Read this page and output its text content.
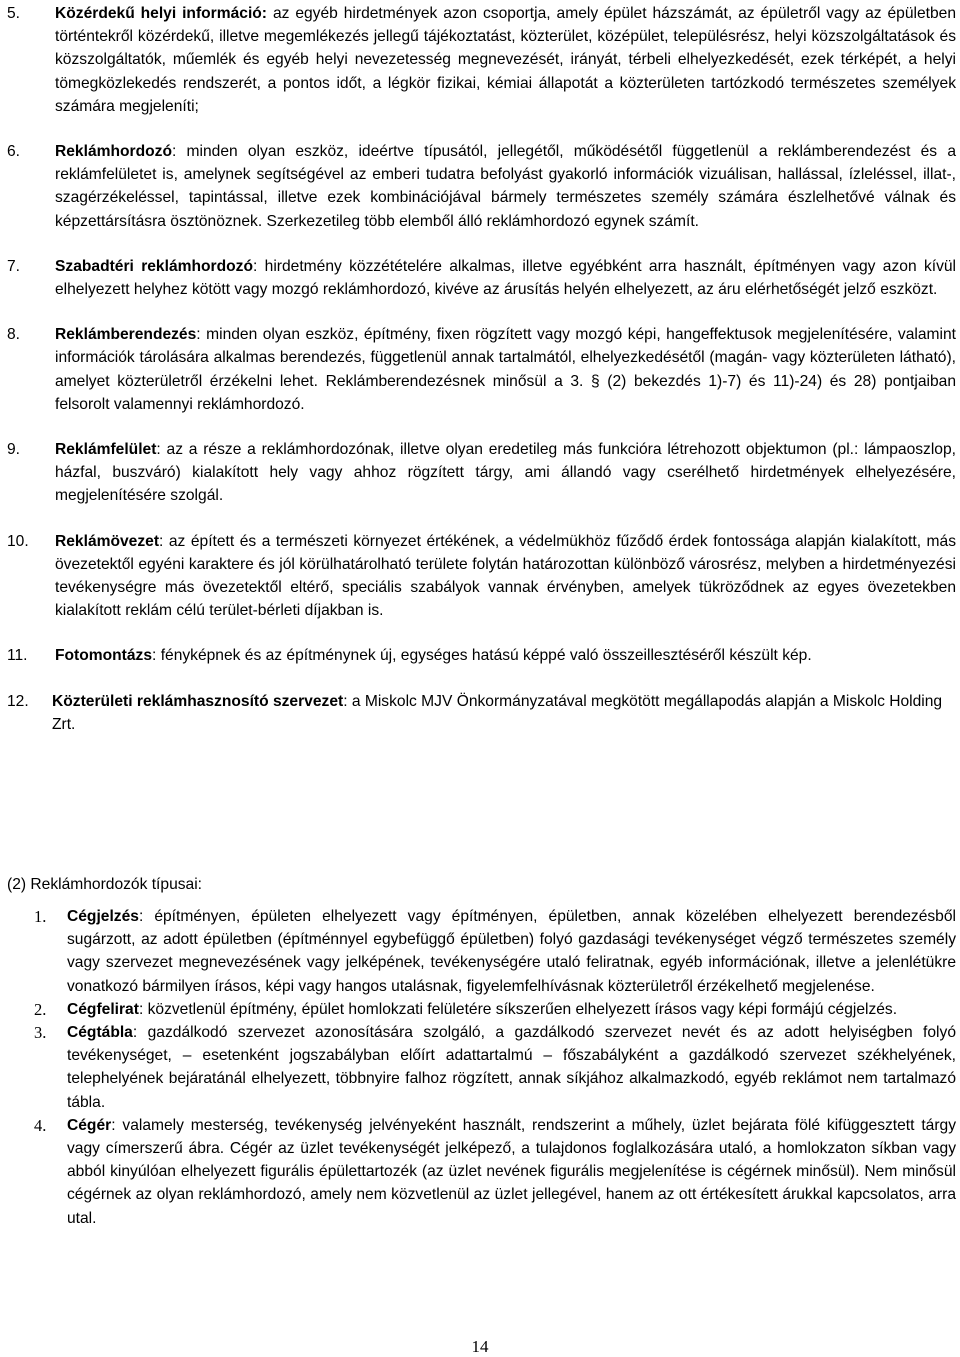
5.	Közérdekű helyi információ: az egyéb hirdetmények azon csoportja, amely épület házszámát, az épületről vagy az épületben történtekről közérdekű, illetve megemlékezés jellegű tájékoztatást, közterület, középület, településrész, helyi közszolgáltatások és közszolgáltatók, műemlék és egyéb helyi nevezetesség megnevezését, irányát, térbeli elhelyezkedését, ezek térképét, a helyi tömegközlekedés rendszerét, a pontos időt, a légkör fizikai, kémiai állapotát a közterületen tartózkodó természetes személyek számára megjeleníti;
6.	Reklámhordozó: minden olyan eszköz, ideértve típusától, jellegétől, működésétől függetlenül a reklámberendezést és a reklámfelületet is, amelynek segítségével az emberi tudatra befolyást gyakorló információk vizuálisan, hallással, ízleléssel, illat-, szagérzékeléssel, tapintással, illetve ezek kombinációjával bármely természetes személy számára észlelhetővé válnak és képzettársításra ösztönöznek. Szerkezetileg több elemből álló reklámhordozó egynek számít.
7.	Szabadtéri reklámhordozó: hirdetmény közzétételére alkalmas, illetve egyébként arra használt, építményen vagy azon kívül elhelyezett helyhez kötött vagy mozgó reklámhordozó, kivéve az árusítás helyén elhelyezett, az áru elérhetőségét jelző eszközt.
8.	Reklámberendezés: minden olyan eszköz, építmény, fixen rögzített vagy mozgó képi, hangeffektusok megjelenítésére, valamint információk tárolására alkalmas berendezés, függetlenül annak tartalmától, elhelyezkedésétől (magán- vagy közterületen látható), amelyet közterületről érzékelni lehet. Reklámberendezésnek minősül a 3. § (2) bekezdés 1)-7) és 11)-24) és 28) pontjaiban felsorolt valamennyi reklámhordozó.
9.	Reklámfelület: az a része a reklámhordozónak, illetve olyan eredetileg más funkcióra létrehozott objektumon (pl.: lámpaoszlop, házfal, buszváró) kialakított hely vagy ahhoz rögzített tárgy, ami állandó vagy cserélhető hirdetmények elhelyezésére, megjelenítésére szolgál.
10.	Reklámövezet: az épített és a természeti környezet értékének, a védelmükhöz fűződő érdek fontossága alapján kialakított, más övezetektől egyéni karaktere és jól körülhatárolható területe folytán határozottan különböző városrész, melyben a hirdetményezési tevékenységre más övezetektől eltérő, speciális szabályok vannak érvényben, amelyek tükröződnek az egyes övezetekben kialakított reklám célú terület-bérleti díjakban is.
11.	Fotomontázs: fényképnek és az építménynek új, egységes hatású képpé való összeillesztéséről készült kép.
12.	Közterületi reklámhasznosító szervezet: a Miskolc MJV Önkormányzatával megkötött megállapodás alapján a Miskolc Holding Zrt.
(2) Reklámhordozók típusai:
1.	Cégjelzés: építményen, épületen elhelyezett vagy építményen, épületben, annak közelében elhelyezett berendezésből sugárzott, az adott épületben (építménnyel egybefüggő épületben) folyó gazdasági tevékenységet végző természetes személy vagy szervezet megnevezésének vagy jelképének, tevékenységére utaló feliratnak, egyéb információnak, illetve a jelenlétükre vonatkozó bármilyen írásos, képi vagy hangos utalásnak, figyelemfelhívásnak közterületről érzékelhető megjelenése.
2.	Cégfelirat: közvetlenül építmény, épület homlokzati felületére síkszerűen elhelyezett írásos vagy képi formájú cégjelzés.
3.	Cégtábla: gazdálkodó szervezet azonosítására szolgáló, a gazdálkodó szervezet nevét és az adott helyiségben folyó tevékenységet, – esetenként jogszabályban előírt adattartalmú – főszabályként a gazdálkodó szervezet székhelyének, telephelyének bejáratánál elhelyezett, többnyire falhoz rögzített, annak síkjához alkalmazkodó, egyéb reklámot nem tartalmazó tábla.
4.	Cégér: valamely mesterség, tevékenység jelvényeként használt, rendszerint a műhely, üzlet bejárata fölé kifüggesztett tárgy vagy címerszerű ábra. Cégér az üzlet tevékenységét jelképező, a tulajdonos foglalkozására utaló, a homlokzaton síkban vagy abból kinyúlóan elhelyezett figurális épülettartozék (az üzlet nevének figurális megjelenítése is cégérnek minősül). Nem minősül cégérnek az olyan reklámhordozó, amely nem közvetlenül az üzlet jellegével, hanem az ott értékesített árukkal kapcsolatos, arra utal.
14
